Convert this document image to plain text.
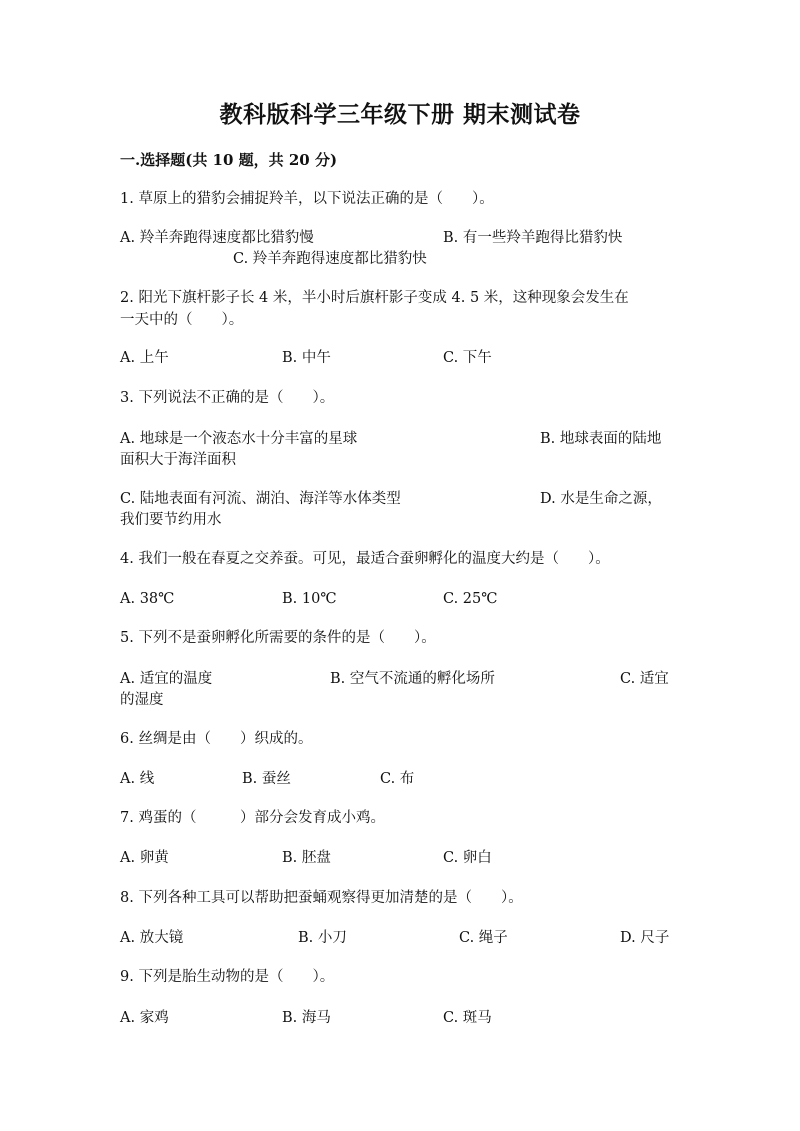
教科版科学三年级下册 期末测试卷
一.选择题(共 10 题，共 20 分)
1. 草原上的猎豹会捕捉羚羊，以下说法正确的是（　　）。
A. 羚羊奔跑得速度都比猎豹慢	B. 有一些羚羊跑得比猎豹快
C. 羚羊奔跑得速度都比猎豹快
2. 阳光下旗杆影子长 4 米，半小时后旗杆影子变成 4. 5 米，这种现象会发生在
一天中的（　　）。
A. 上午	B. 中午	C. 下午
3. 下列说法不正确的是（　　）。
A. 地球是一个液态水十分丰富的星球	B. 地球表面的陆地
面积大于海洋面积
C. 陆地表面有河流、湖泊、海洋等水体类型	D. 水是生命之源，
我们要节约用水
4. 我们一般在春夏之交养蚕。可见，最适合蚕卵孵化的温度大约是（　　）。
A. 38℃	B. 10℃	C. 25℃
5. 下列不是蚕卵孵化所需要的条件的是（　　）。
A. 适宜的温度	B. 空气不流通的孵化场所	C. 适宜
的湿度
6. 丝绸是由（　　）织成的。
A. 线	B. 蚕丝	C. 布
7. 鸡蛋的（　　　）部分会发育成小鸡。
A. 卵黄	B. 胚盘	C. 卵白
8. 下列各种工具可以帮助把蚕蛹观察得更加清楚的是（　　）。
A. 放大镜	B. 小刀	C. 绳子	D. 尺子
9. 下列是胎生动物的是（　　）。
A. 家鸡	B. 海马	C. 斑马
